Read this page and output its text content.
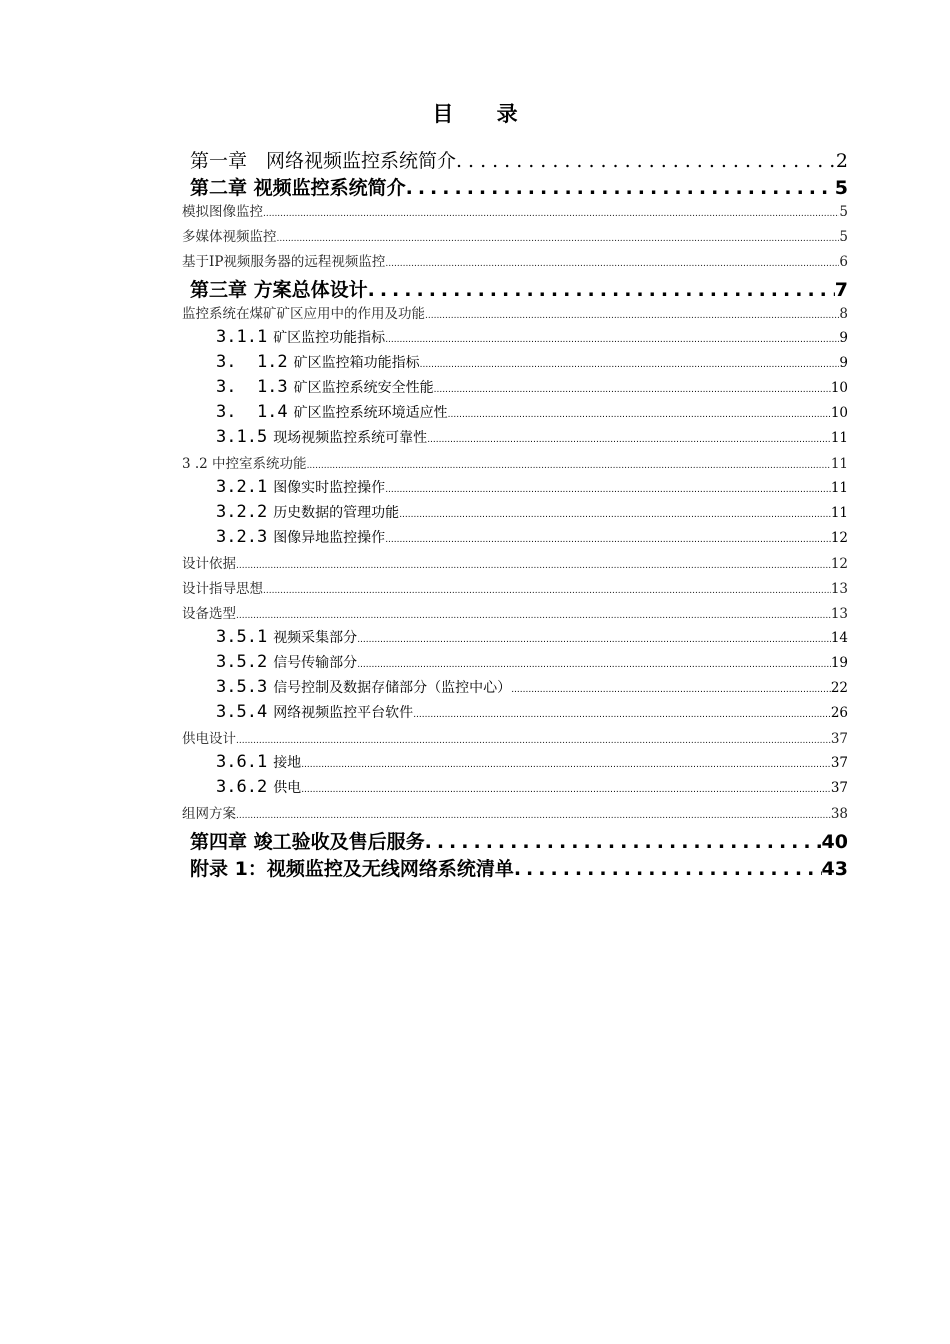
目 录
第一章　网络视频监控系统简介 .....	2
第二章 视频监控系统简介 .....	5
模拟图像监控 .....	5
多媒体视频监控 .....	5
基于IP视频服务器的远程视频监控 .....	6
第三章 方案总体设计 .....	7
监控系统在煤矿矿区应用中的作用及功能 .....	8
3.1.1 矿区监控功能指标 .....	9
3.  1.2 矿区监控箱功能指标 .....	9
3.  1.3 矿区监控系统安全性能 .....	10
3.  1.4 矿区监控系统环境适应性 .....	10
3.1.5 现场视频监控系统可靠性 .....	11
3 .2 中控室系统功能 .....	11
3.2.1 图像实时监控操作 .....	11
3.2.2 历史数据的管理功能 .....	11
3.2.3 图像异地监控操作 .....	12
设计依据 .....	12
设计指导思想 .....	13
设备选型 .....	13
3.5.1 视频采集部分 .....	14
3.5.2 信号传输部分 .....	19
3.5.3 信号控制及数据存储部分（监控中心） .....	22
3.5.4 网络视频监控平台软件 .....	26
供电设计 .....	37
3.6.1 接地 .....	37
3.6.2 供电 .....	37
组网方案 .....	38
第四章 竣工验收及售后服务 .....	40
附录 1：视频监控及无线网络系统清单 .....	43
